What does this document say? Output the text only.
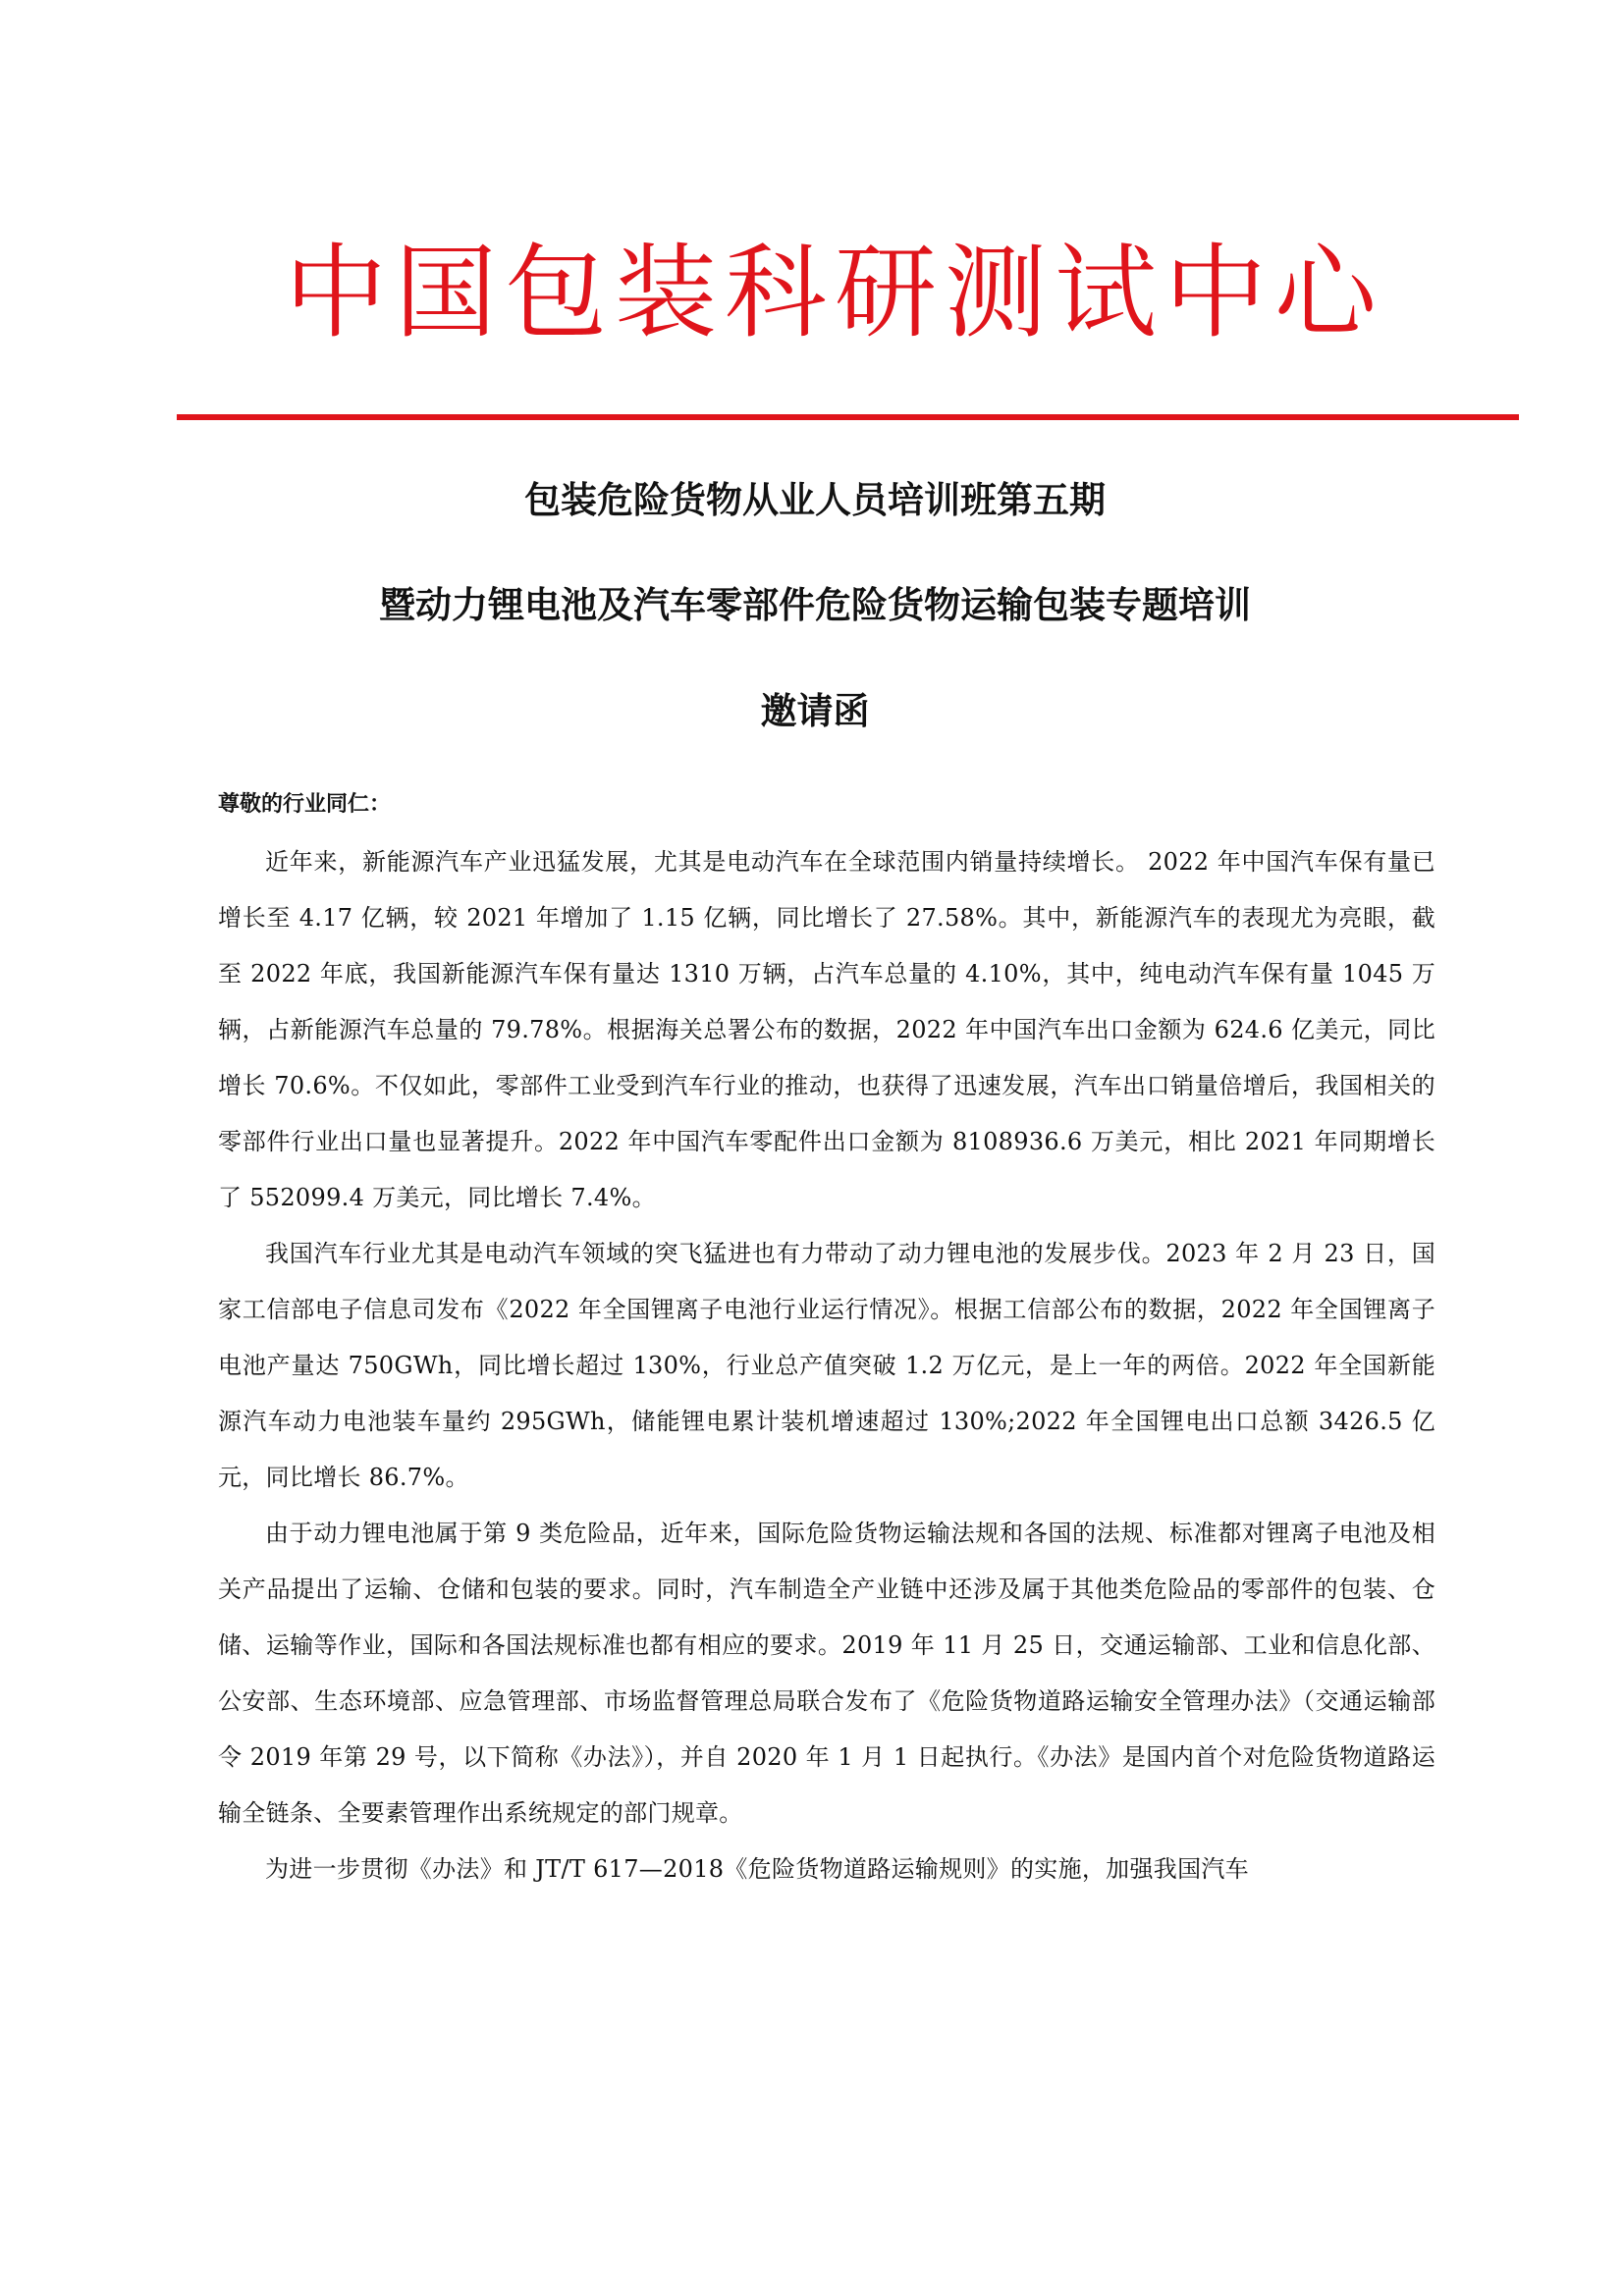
中国包装科研测试中心
包装危险货物从业人员培训班第五期
暨动力锂电池及汽车零部件危险货物运输包装专题培训
邀请函
尊敬的行业同仁：

近年来，新能源汽车产业迅猛发展，尤其是电动汽车在全球范围内销量持续增长。 2022 年中国汽车保有量已增长至 4.17 亿辆，较 2021 年增加了 1.15 亿辆，同比增长了 27.58%。其中，新能源汽车的表现尤为亮眼，截至 2022 年底，我国新能源汽车保有量达 1310 万辆，占汽车总量的 4.10%，其中，纯电动汽车保有量 1045 万辆，占新能源汽车总量的 79.78%。根据海关总署公布的数据，2022 年中国汽车出口金额为 624.6 亿美元，同比增长 70.6%。不仅如此，零部件工业受到汽车行业的推动，也获得了迅速发展，汽车出口销量倍增后，我国相关的零部件行业出口量也显著提升。2022 年中国汽车零配件出口金额为 8108936.6 万美元，相比 2021 年同期增长了 552099.4 万美元，同比增长 7.4%。

我国汽车行业尤其是电动汽车领域的突飞猛进也有力带动了动力锂电池的发展步伐。2023 年 2 月 23 日，国家工信部电子信息司发布《2022 年全国锂离子电池行业运行情况》。根据工信部公布的数据，2022 年全国锂离子电池产量达 750GWh，同比增长超过 130%，行业总产值突破 1.2 万亿元，是上一年的两倍。2022 年全国新能源汽车动力电池装车量约 295GWh，储能锂电累计装机增速超过 130%;2022 年全国锂电出口总额 3426.5 亿元，同比增长 86.7%。

由于动力锂电池属于第 9 类危险品，近年来，国际危险货物运输法规和各国的法规、标准都对锂离子电池及相关产品提出了运输、仓储和包装的要求。同时，汽车制造全产业链中还涉及属于其他类危险品的零部件的包装、仓储、运输等作业，国际和各国法规标准也都有相应的要求。2019 年 11 月 25 日，交通运输部、工业和信息化部、公安部、生态环境部、应急管理部、市场监督管理总局联合发布了《危险货物道路运输安全管理办法》（交通运输部令 2019 年第 29 号，以下简称《办法》），并自 2020 年 1 月 1 日起执行。《办法》是国内首个对危险货物道路运输全链条、全要素管理作出系统规定的部门规章。

为进一步贯彻《办法》和 JT/T 617—2018《危险货物道路运输规则》的实施，加强我国汽车
